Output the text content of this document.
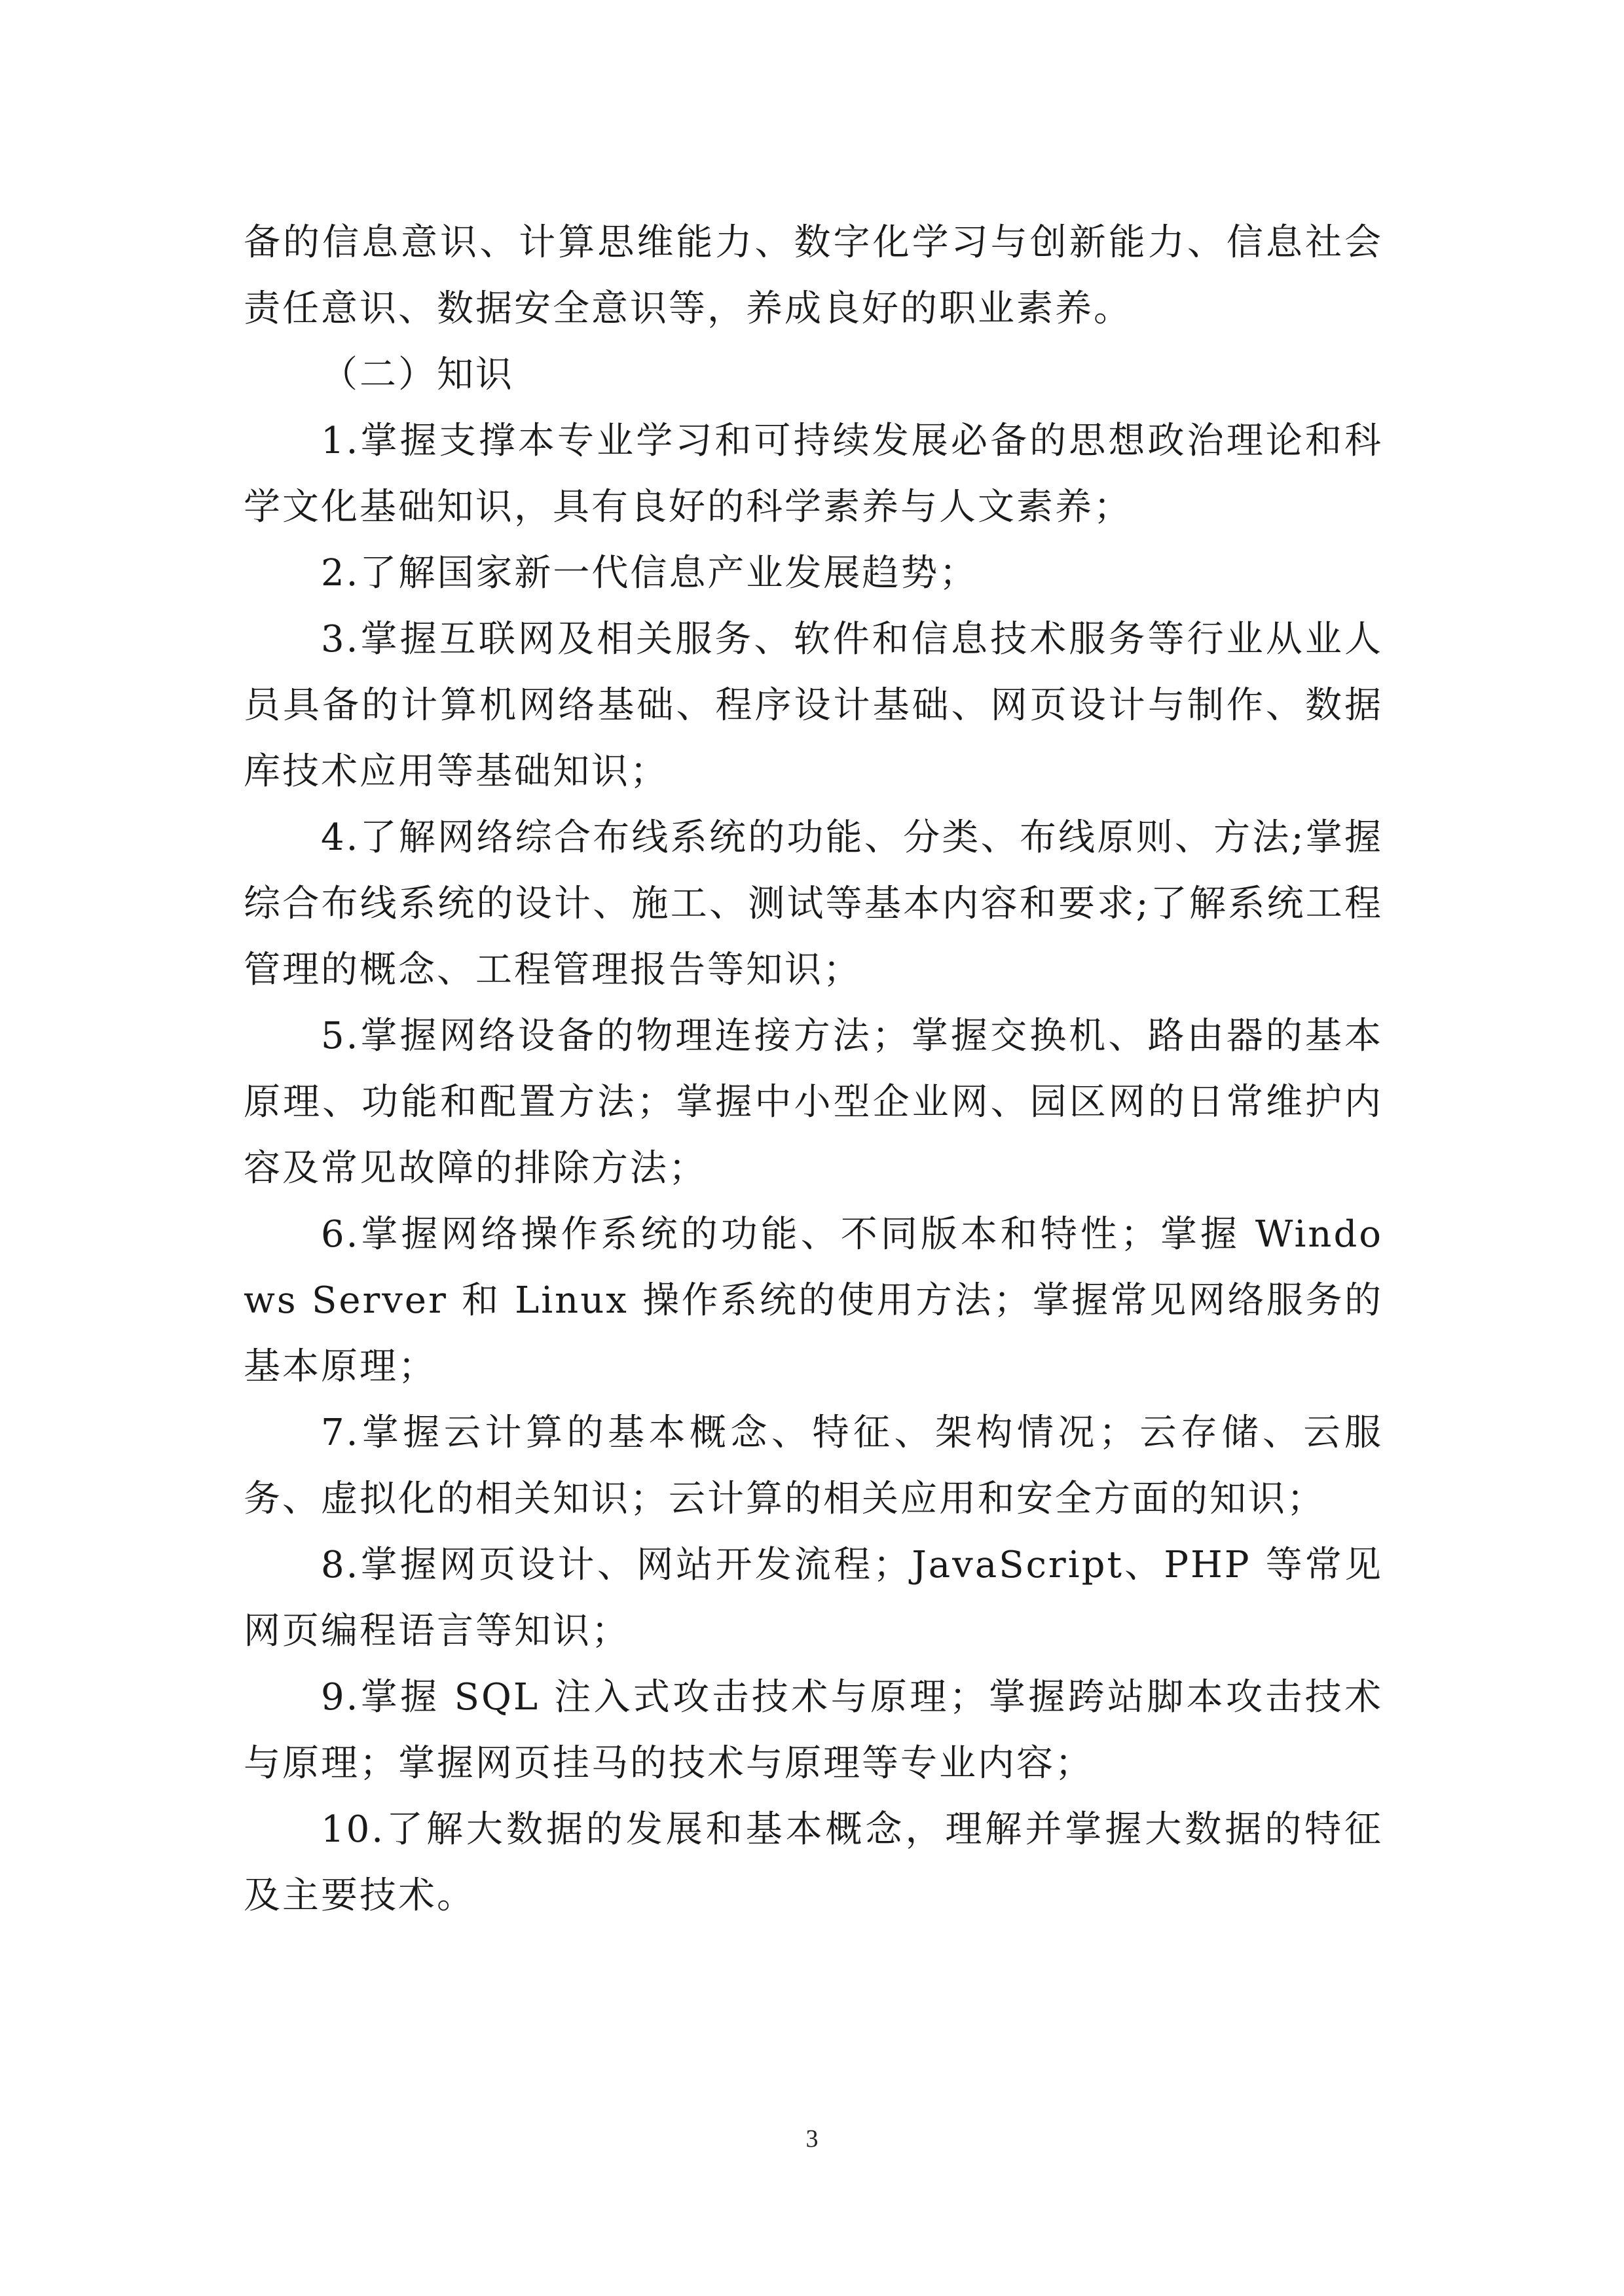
备的信息意识、计算思维能力、数字化学习与创新能力、信息社会责任意识、数据安全意识等，养成良好的职业素养。

（二）知识

1.掌握支撑本专业学习和可持续发展必备的思想政治理论和科学文化基础知识，具有良好的科学素养与人文素养；

2.了解国家新一代信息产业发展趋势；

3.掌握互联网及相关服务、软件和信息技术服务等行业从业人员具备的计算机网络基础、程序设计基础、网页设计与制作、数据库技术应用等基础知识；

4.了解网络综合布线系统的功能、分类、布线原则、方法;掌握综合布线系统的设计、施工、测试等基本内容和要求;了解系统工程管理的概念、工程管理报告等知识；

5.掌握网络设备的物理连接方法；掌握交换机、路由器的基本原理、功能和配置方法；掌握中小型企业网、园区网的日常维护内容及常见故障的排除方法；

6.掌握网络操作系统的功能、不同版本和特性；掌握 Windows Server 和 Linux 操作系统的使用方法；掌握常见网络服务的基本原理；

7.掌握云计算的基本概念、特征、架构情况；云存储、云服务、虚拟化的相关知识；云计算的相关应用和安全方面的知识；

8.掌握网页设计、网站开发流程；JavaScript、PHP 等常见网页编程语言等知识；

9.掌握 SQL 注入式攻击技术与原理；掌握跨站脚本攻击技术与原理；掌握网页挂马的技术与原理等专业内容；

10.了解大数据的发展和基本概念，理解并掌握大数据的特征及主要技术。

3
